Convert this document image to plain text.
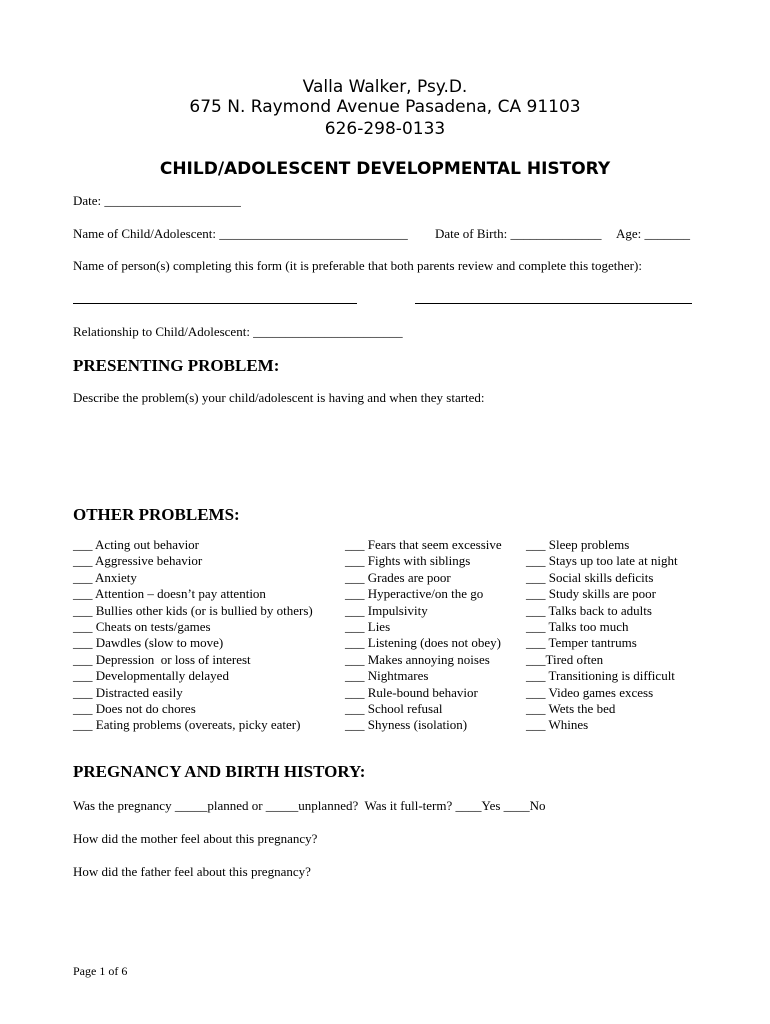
Valla Walker, Psy.D.
675 N. Raymond Avenue Pasadena, CA 91103
626-298-0133
CHILD/ADOLESCENT DEVELOPMENTAL HISTORY
Date: _____________________
Name of Child/Adolescent: _____________________________ Date of Birth: ______________ Age: _______
Name of person(s) completing this form (it is preferable that both parents review and complete this together):
Relationship to Child/Adolescent: _______________________
PRESENTING PROBLEM:
Describe the problem(s) your child/adolescent is having and when they started:
OTHER PROBLEMS:
___ Acting out behavior
___ Aggressive behavior
___ Anxiety
___ Attention – doesn’t pay attention
___ Bullies other kids (or is bullied by others)
___ Cheats on tests/games
___ Dawdles (slow to move)
___ Depression  or loss of interest
___ Developmentally delayed
___ Distracted easily
___ Does not do chores
___ Eating problems (overeats, picky eater)
___ Fears that seem excessive
___ Fights with siblings
___ Grades are poor
___ Hyperactive/on the go
___ Impulsivity
___ Lies
___ Listening (does not obey)
___ Makes annoying noises
___ Nightmares
___ Rule-bound behavior
___ School refusal
___ Shyness (isolation)
___ Sleep problems
___ Stays up too late at night
___ Social skills deficits
___ Study skills are poor
___ Talks back to adults
___ Talks too much
___ Temper tantrums
___Tired often
___ Transitioning is difficult
___ Video games excess
___ Wets the bed
___ Whines
PREGNANCY AND BIRTH HISTORY:
Was the pregnancy _____planned or _____unplanned?  Was it full-term? ____Yes ____No
How did the mother feel about this pregnancy?
How did the father feel about this pregnancy?
Page 1 of 6
